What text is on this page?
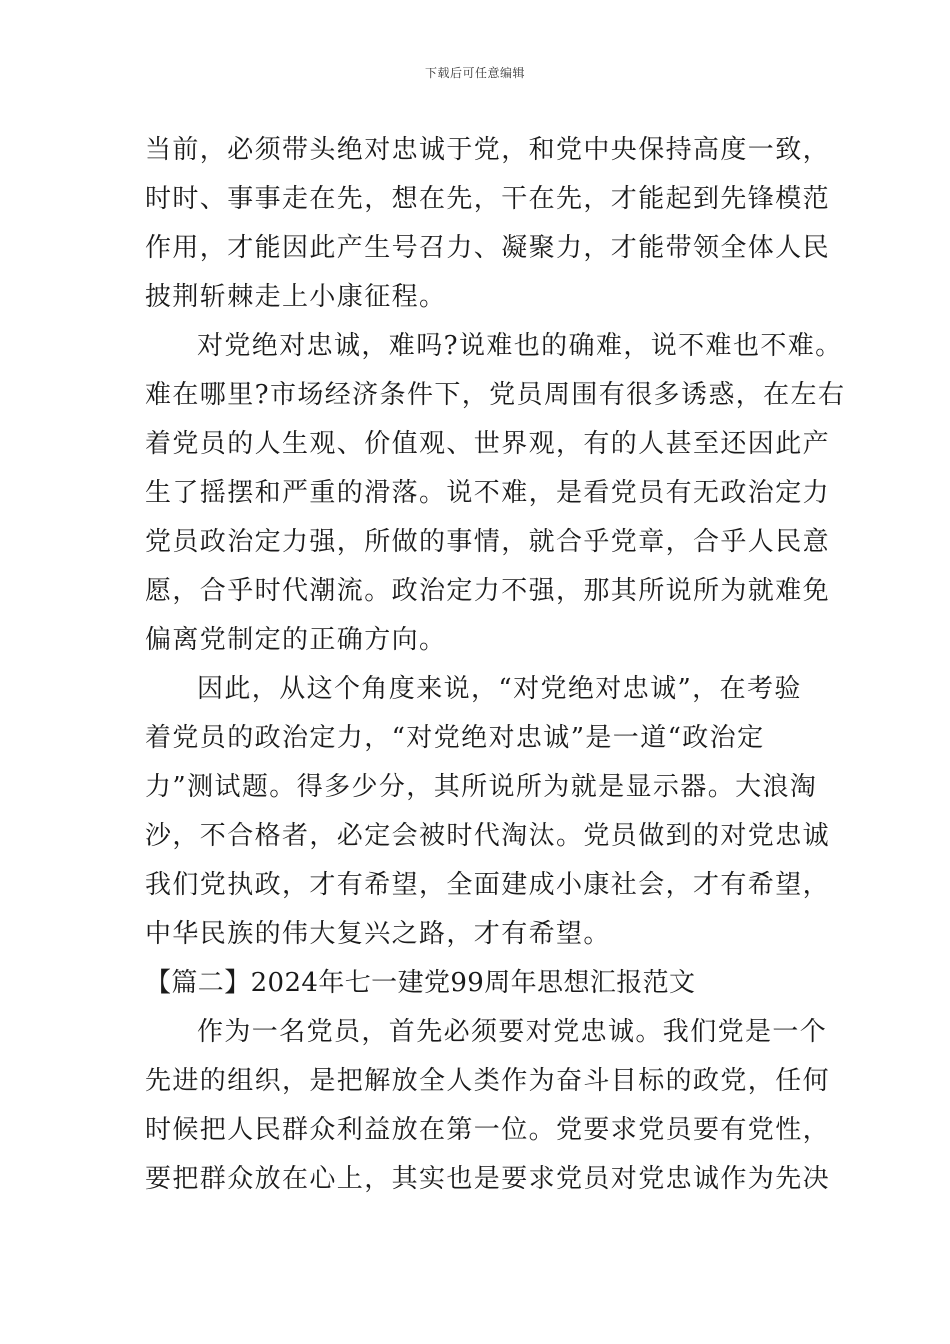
下载后可任意编辑
当前，必须带头绝对忠诚于党，和党中央保持高度一致，
时时、事事走在先，想在先，干在先，才能起到先锋模范
作用，才能因此产生号召力、凝聚力，才能带领全体人民
披荆斩棘走上小康征程。
对党绝对忠诚，难吗?说难也的确难，说不难也不难。
难在哪里?市场经济条件下，党员周围有很多诱惑，在左右
着党员的人生观、价值观、世界观，有的人甚至还因此产
生了摇摆和严重的滑落。说不难，是看党员有无政治定力
党员政治定力强，所做的事情，就合乎党章，合乎人民意
愿，合乎时代潮流。政治定力不强，那其所说所为就难免
偏离党制定的正确方向。
因此，从这个角度来说，“对党绝对忠诚”，在考验
着党员的政治定力，“对党绝对忠诚”是一道“政治定
力”测试题。得多少分，其所说所为就是显示器。大浪淘
沙，不合格者，必定会被时代淘汰。党员做到的对党忠诚
我们党执政，才有希望，全面建成小康社会，才有希望，
中华民族的伟大复兴之路，才有希望。
【篇二】2024年七一建党99周年思想汇报范文
作为一名党员，首先必须要对党忠诚。我们党是一个
先进的组织，是把解放全人类作为奋斗目标的政党，任何
时候把人民群众利益放在第一位。党要求党员要有党性，
要把群众放在心上，其实也是要求党员对党忠诚作为先决
